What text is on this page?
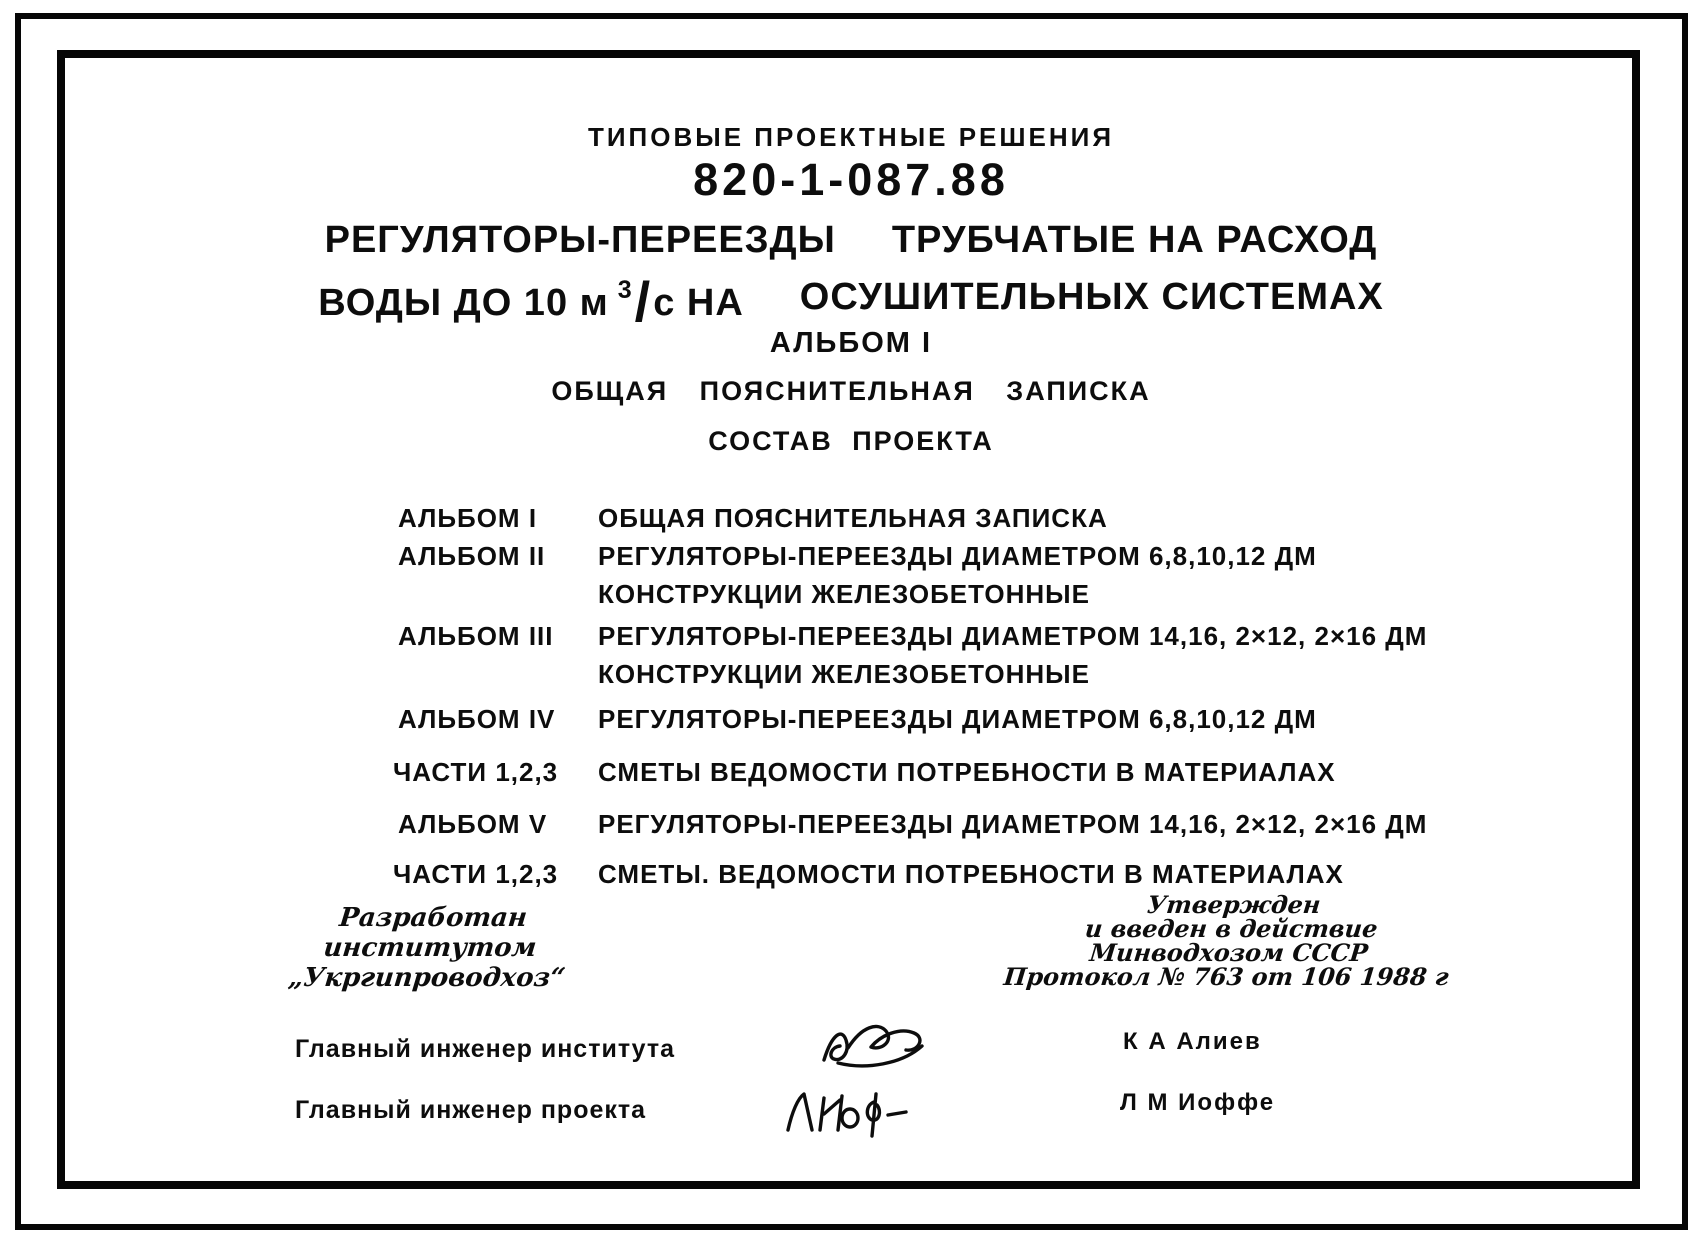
ТИПОВЫЕ ПРОЕКТНЫЕ РЕШЕНИЯ
820-1-087.88
РЕГУЛЯТОРЫ-ПЕРЕЕЗДЫ ТРУБЧАТЫЕ НА РАСХОД
ВОДЫ ДО 10 м $^3$/с НА ОСУШИТЕЛЬНЫХ СИСТЕМАХ
АЛЬБОМ I
ОБЩАЯ ПОЯСНИТЕЛЬНАЯ ЗАПИСКА
СОСТАВ ПРОЕКТА
АЛЬБОМ I ОБЩАЯ ПОЯСНИТЕЛЬНАЯ ЗАПИСКА
АЛЬБОМ II РЕГУЛЯТОРЫ-ПЕРЕЕЗДЫ ДИАМЕТРОМ 6,8,10,12 ДМ
КОНСТРУКЦИИ ЖЕЛЕЗОБЕТОННЫЕ
АЛЬБОМ III РЕГУЛЯТОРЫ-ПЕРЕЕЗДЫ ДИАМЕТРОМ 14,16, 2×12, 2×16 ДМ
КОНСТРУКЦИИ ЖЕЛЕЗОБЕТОННЫЕ
АЛЬБОМ IV РЕГУЛЯТОРЫ-ПЕРЕЕЗДЫ ДИАМЕТРОМ 6,8,10,12 ДМ
ЧАСТИ 1,2,3 СМЕТЫ ВЕДОМОСТИ ПОТРЕБНОСТИ В МАТЕРИАЛАХ
АЛЬБОМ V РЕГУЛЯТОРЫ-ПЕРЕЕЗДЫ ДИАМЕТРОМ 14,16, 2×12, 2×16 ДМ
ЧАСТИ 1,2,3 СМЕТЫ. ВЕДОМОСТИ ПОТРЕБНОСТИ В МАТЕРИАЛАХ
Разработан
институтом „Укргипроводхоз“
Утвержден
и введен в действие
Минводхозом СССР
Протокол № 763 от 106 1988 г
Главный инженер института	К А Алиев
Главный инженер проекта	Л М Иоффе
